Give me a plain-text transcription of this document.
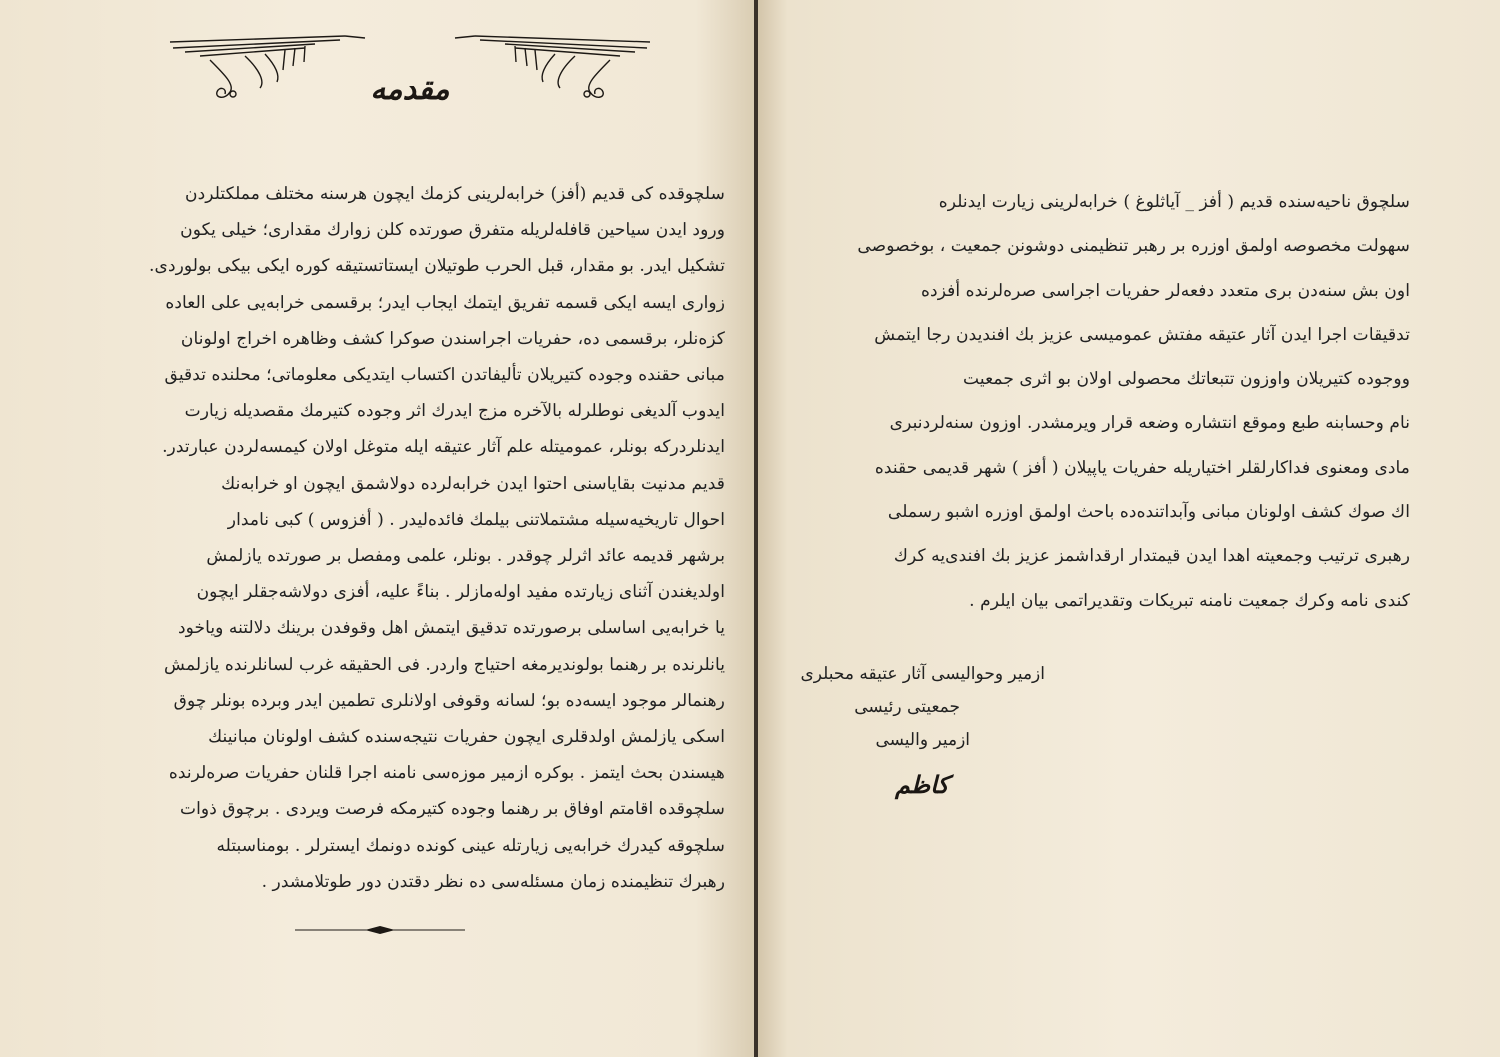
مقدمه
سلچوقده کی قدیم (أفز) خرابه‌لرینی کزمك ایچون هرسنه مختلف مملکتلردن
ورود ایدن سیاحین قافله‌لریله متفرق صورتده کلن زوارك مقداری؛ خیلی یکون
تشکیل ایدر. بو مقدار، قبل الحرب طوتیلان ایستاتستیقه کوره ایکی بیکی بولوردی.
زواری ایسه ایکی قسمه تفریق ایتمك ایجاب ایدر؛ برقسمی خرابه‌یی علی العاده
کزه‌نلر، برقسمی ده، حفریات اجراسندن صوکرا کشف وظاهره اخراج اولونان
مبانی حقنده وجوده کتیریلان تألیفاتدن اکتساب ایتدیکی معلوماتی؛ محلنده تدقیق
ایدوب آلدیغی نوطلرله بالآخره مزج ایدرك اثر وجوده کتیرمك مقصدیله زیارت
ایدنلردرکه بونلر، عمومیتله علم آثار عتیقه ایله متوغل اولان کیمسه‌لردن عبارتدر.
قدیم مدنیت بقایاسنی احتوا ایدن خرابه‌لرده دولاشمق ایچون او خرابه‌نك
احوال تاریخیه‌سیله مشتملاتنی بیلمك فائده‌لیدر . ( أفزوس ) کبی نامدار
برشهر قدیمه عائد اثرلر چوقدر . بونلر، علمی ومفصل بر صورتده یازلمش
اولدیغندن آثنای زیارتده مفید اوله‌مازلر . بناءً علیه، أفزی دولاشه‌جقلر ایچون
یا خرابه‌یی اساسلی برصورتده تدقیق ایتمش اهل وقوفدن برینك دلالتنه ویاخود
یانلرنده بر رهنما بولوندیرمغه احتیاج واردر. فی الحقیقه غرب لسانلرنده یازلمش
رهنمالر موجود ایسه‌ده بو؛ لسانه وقوفی اولانلری تطمین ایدر وبرده بونلر چوق
اسکی یازلمش اولدقلری ایچون حفریات نتیجه‌سنده کشف اولونان مبانینك
هیسندن بحث ایتمز . بوکره ازمیر موزه‌سی نامنه اجرا قلنان حفریات صره‌لرنده
سلچوقده اقامتم اوفاق بر رهنما وجوده کتیرمکه فرصت ویردی . برچوق ذوات
سلچوقه کیدرك خرابه‌یی زیارتله عینی کونده دونمك ایسترلر . بومناسبتله
رهبرك تنظیمنده زمان مسئله‌سی ده نظر دقتدن دور طوتلامشدر .
سلچوق ناحیه‌سنده قدیم ( أفز _ آیاثلوغ ) خرابه‌لرینی زیارت ایدنلره
سهولت مخصوصه اولمق اوزره بر رهبر تنظیمنی دوشونن جمعیت ، بوخصوصی
اون بش سنه‌دن بری متعدد دفعه‌لر حفریات اجراسی صره‌لرنده أفزده
تدقیقات اجرا ایدن آثار عتیقه مفتش عمومیسی عزیز بك افندیدن رجا ایتمش
ووجوده کتیریلان واوزون تتبعاتك محصولی اولان بو اثری جمعیت
نام وحسابنه طبع وموقع انتشاره وضعه قرار ویرمشدر. اوزون سنه‌لردنبری
مادی ومعنوی فداکارلقلر اختیاریله حفریات یاپیلان ( أفز ) شهر قدیمی حقنده
اك صوك کشف اولونان مبانی وآبداتنده‌ده باحث اولمق اوزره اشبو رسملی
رهبری ترتیب وجمعیته اهدا ایدن قیمتدار ارقداشمز عزیز بك افندی‌یه کرك
کندی نامه وکرك جمعیت نامنه تبریکات وتقدیراتمی بیان ایلرم .
ازمیر وحوالیسی آثار عتیقه محبلری
جمعیتی رئیسی
ازمیر والیسی
کاظم
